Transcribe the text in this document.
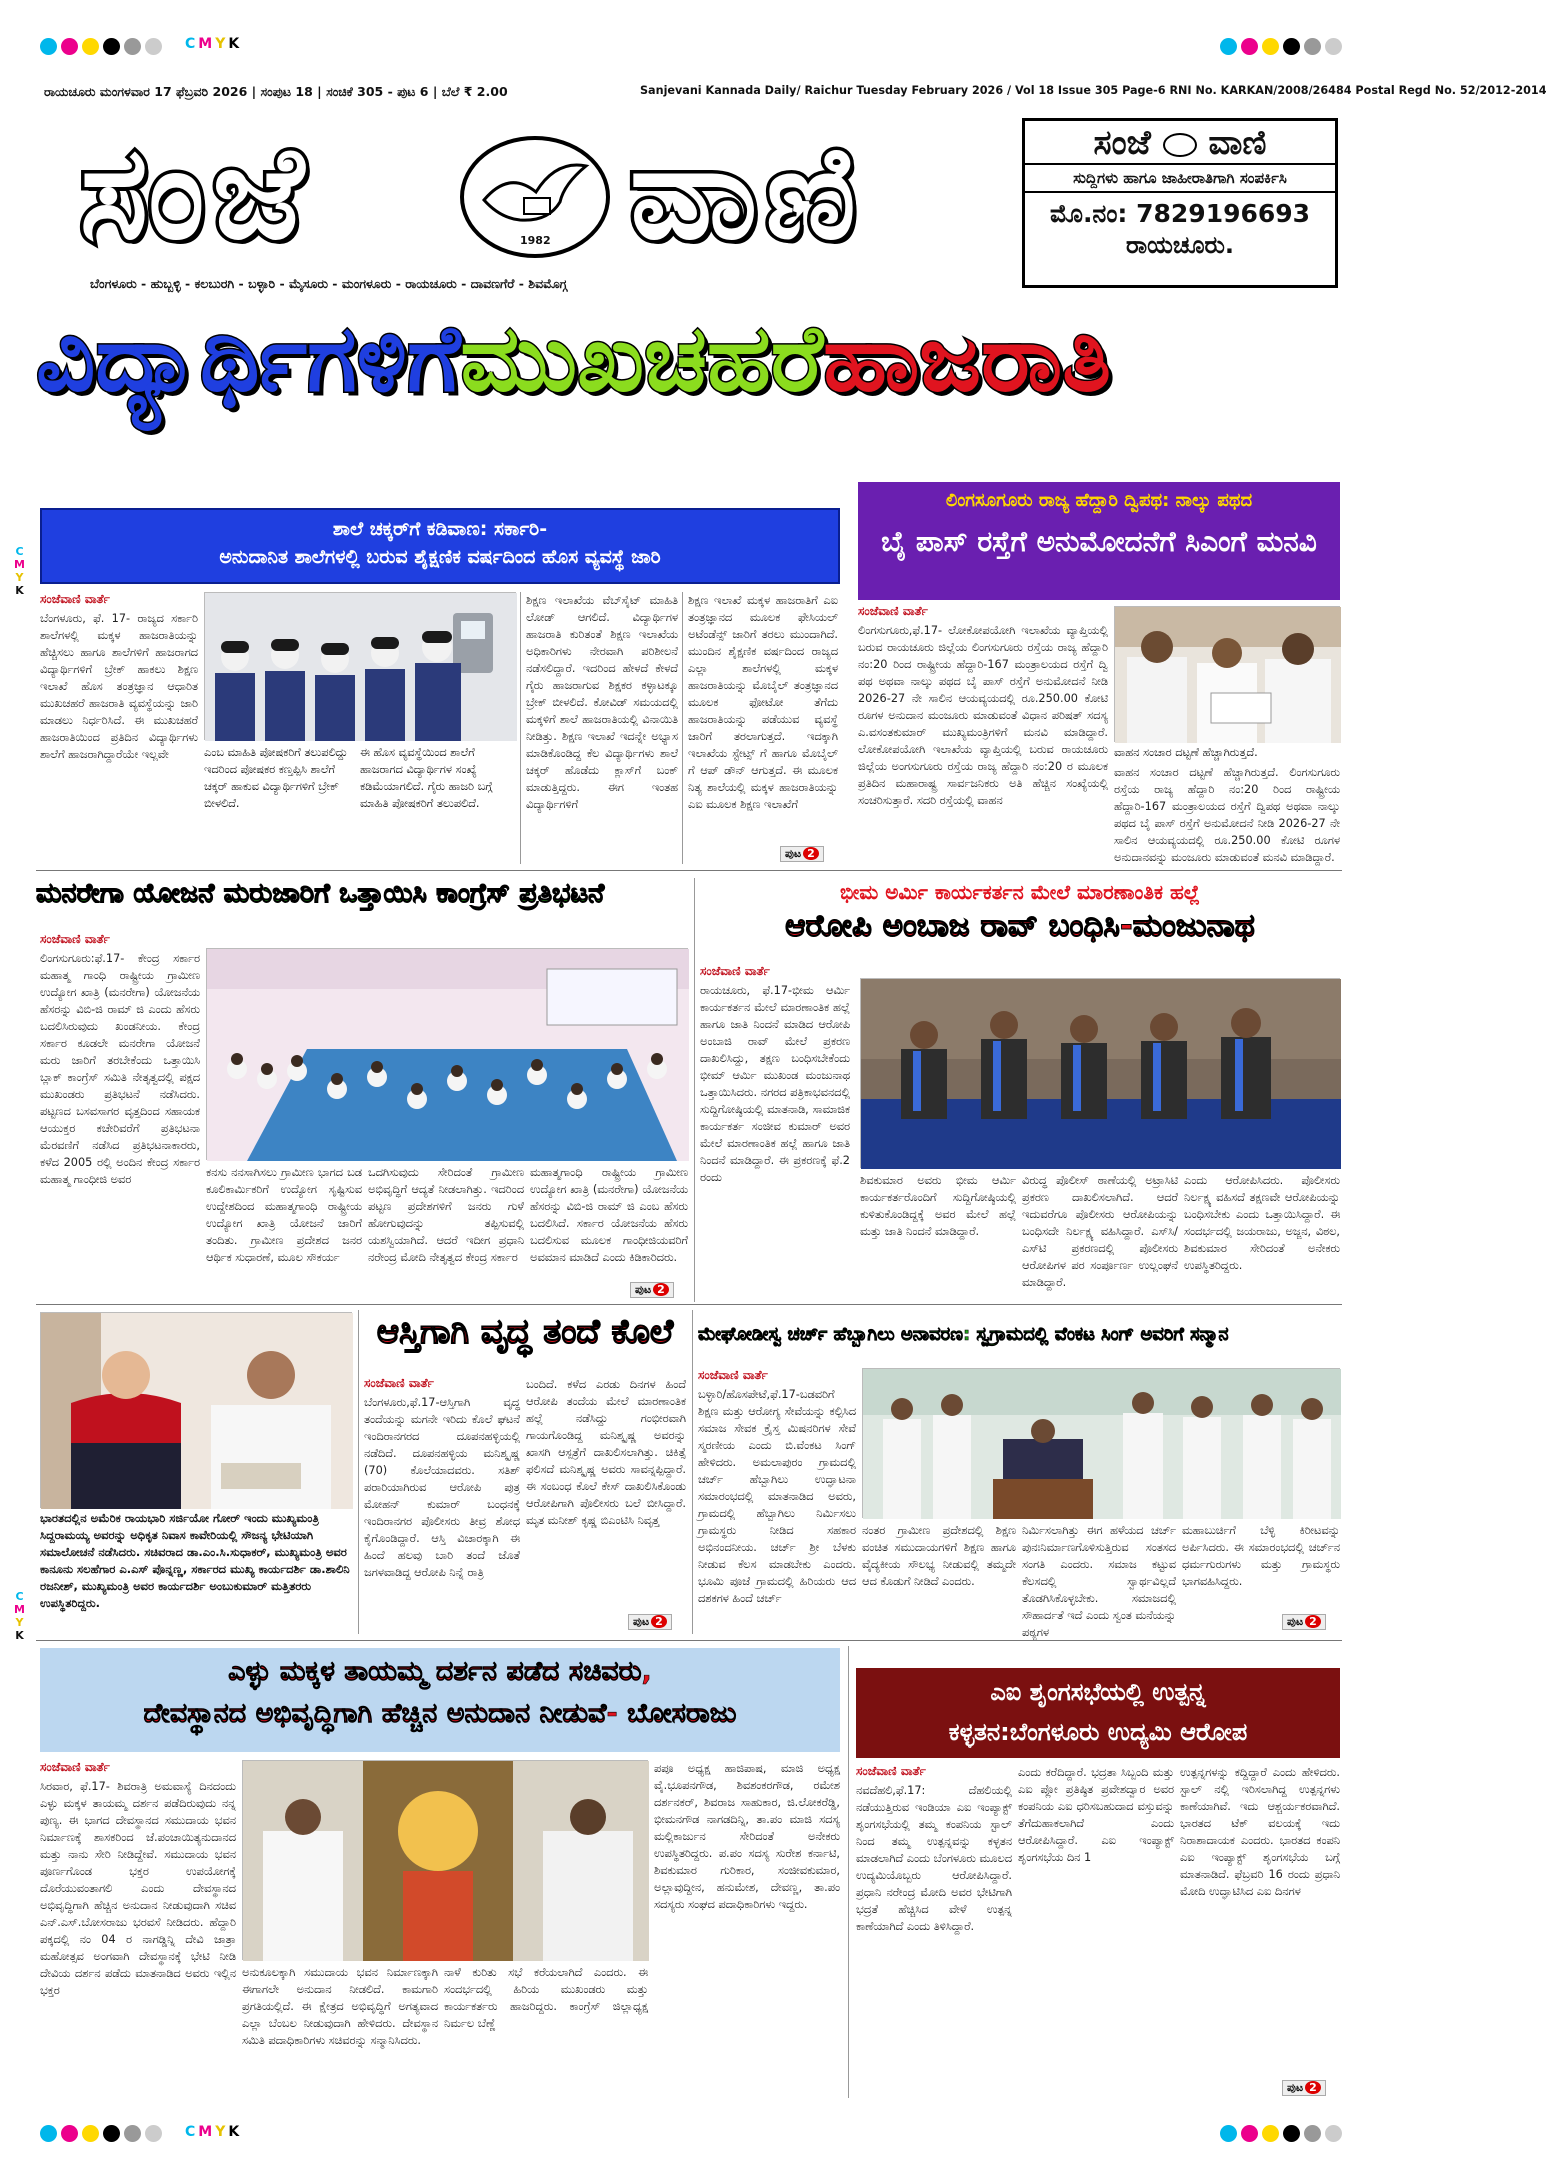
CMYK
ರಾಯಚೂರು ಮಂಗಳವಾರ 17 ಫೆಬ್ರವರಿ 2026 | ಸಂಪುಟ 18 | ಸಂಚಿಕೆ 305 - ಪುಟ 6 | ಬೆಲೆ ₹ 2.00	Sanjevani Kannada Daily/ Raichur Tuesday February 2026 / Vol 18 Issue 305 Page-6 RNI No. KARKAN/2008/26484 Postal Regd No. 52/2012-2014
ಸಂಜೆ	1982 ವಾಣಿ
ಬೆಂಗಳೂರು - ಹುಬ್ಬಳ್ಳಿ - ಕಲಬುರಗಿ - ಬಳ್ಳಾರಿ - ಮೈಸೂರು - ಮಂಗಳೂರು - ರಾಯಚೂರು - ದಾವಣಗೆರೆ - ಶಿವಮೊಗ್ಗ
ಸಂಜೆ ವಾಣಿ
ಸುದ್ದಿಗಳು ಹಾಗೂ ಜಾಹೀರಾತಿಗಾಗಿ ಸಂಪರ್ಕಿಸಿ
ಮೊ.ನಂ: 7829196693
ರಾಯಚೂರು.
ವಿದ್ಯಾರ್ಥಿಗಳಿಗೆಮುಖಚಹರೆಹಾಜರಾತಿ
C
M
Y
K
C
M
Y
K
ಶಾಲೆ ಚಕ್ಕರ್‌ಗೆ ಕಡಿವಾಣ: ಸರ್ಕಾರಿ-
ಅನುದಾನಿತ ಶಾಲೆಗಳಲ್ಲಿ ಬರುವ ಶೈಕ್ಷಣಿಕ ವರ್ಷದಿಂದ ಹೊಸ ವ್ಯವಸ್ಥೆ ಜಾರಿ
ಸಂಜೆವಾಣಿ ವಾರ್ತೆ
ಬೆಂಗಳೂರು, ಫೆ. 17- ರಾಜ್ಯದ ಸರ್ಕಾರಿ ಶಾಲೆಗಳಲ್ಲಿ ಮಕ್ಕಳ ಹಾಜರಾತಿಯನ್ನು ಹೆಚ್ಚಿಸಲು ಹಾಗೂ ಶಾಲೆಗಳಿಗೆ ಹಾಜರಾಗದ ವಿದ್ಯಾರ್ಥಿಗಳಿಗೆ ಬ್ರೇಕ್ ಹಾಕಲು ಶಿಕ್ಷಣ ಇಲಾಖೆ ಹೊಸ ತಂತ್ರಜ್ಞಾನ ಆಧಾರಿತ ಮುಖಚಹರೆ ಹಾಜರಾತಿ ವ್ಯವಸ್ಥೆಯನ್ನು ಜಾರಿ ಮಾಡಲು ನಿರ್ಧರಿಸಿದೆ. ಈ ಮುಖಚಹರೆ ಹಾಜರಾತಿಯಿಂದ ಪ್ರತಿದಿನ ವಿದ್ಯಾರ್ಥಿಗಳು ಶಾಲೆಗೆ ಹಾಜರಾಗಿದ್ದಾರೆಯೇ ಇಲ್ಲವೇ	ಎಂಬ ಮಾಹಿತಿ ಪೋಷಕರಿಗೆ ತಲುಪಲಿದ್ದು ಇದರಿಂದ ಪೋಷಕರ ಕಣ್ತಪ್ಪಿಸಿ ಶಾಲೆಗೆ ಚಕ್ಕರ್ ಹಾಕುವ ವಿದ್ಯಾರ್ಥಿಗಳಿಗೆ ಬ್ರೇಕ್ ಬೀಳಲಿದೆ.
ಈ ಹೊಸ ವ್ಯವಸ್ಥೆಯಿಂದ ಶಾಲೆಗೆ ಹಾಜರಾಗದ ವಿದ್ಯಾರ್ಥಿಗಳ ಸಂಖ್ಯೆ ಕಡಿಮೆಯಾಗಲಿದೆ. ಗೈರು ಹಾಜರಿ ಬಗ್ಗೆ ಮಾಹಿತಿ ಪೋಷಕರಿಗೆ ತಲುಪಲಿದೆ.
ಶಿಕ್ಷಣ ಇಲಾಖೆಯ ವೆಬ್‌ಸೈಟ್ ಮಾಹಿತಿ ಲೋಡ್ ಆಗಲಿದೆ. ವಿದ್ಯಾರ್ಥಿಗಳ ಹಾಜರಾತಿ ಕುರಿತಂತೆ ಶಿಕ್ಷಣ ಇಲಾಖೆಯ ಅಧಿಕಾರಿಗಳು ನೇರವಾಗಿ ಪರಿಶೀಲನೆ ನಡೆಸಲಿದ್ದಾರೆ. ಇದರಿಂದ ಹೇಳದೆ ಕೇಳದೆ ಗೈರು ಹಾಜರಾಗುವ ಶಿಕ್ಷಕರ ಕಳ್ಳಾಟಕ್ಕೂ ಬ್ರೇಕ್ ಬೀಳಲಿದೆ. ಕೋವಿಡ್ ಸಮಯದಲ್ಲಿ ಮಕ್ಕಳಿಗೆ ಶಾಲೆ ಹಾಜರಾತಿಯಲ್ಲಿ ವಿನಾಯಿತಿ ನೀಡಿತ್ತು. ಶಿಕ್ಷಣ ಇಲಾಖೆ ಇದನ್ನೇ ಅಭ್ಯಾಸ ಮಾಡಿಕೊಂಡಿದ್ದ ಕೆಲ ವಿದ್ಯಾರ್ಥಿಗಳು ಶಾಲೆ ಚಕ್ಕರ್ ಹೊಡೆದು ಕ್ಲಾಸ್‌ಗೆ ಬಂಕ್ ಮಾಡುತ್ತಿದ್ದರು. ಈಗ ಇಂತಹ ವಿದ್ಯಾರ್ಥಿಗಳಿಗೆ
ಶಿಕ್ಷಣ ಇಲಾಖೆ ಮಕ್ಕಳ ಹಾಜರಾತಿಗೆ ಎಐ ತಂತ್ರಜ್ಞಾನದ ಮೂಲಕ ಫೇಸಿಯಲ್ ಅಟೆಂಡೆನ್ಸ್ ಜಾರಿಗೆ ತರಲು ಮುಂದಾಗಿದೆ. ಮುಂದಿನ ಶೈಕ್ಷಣಿಕ ವರ್ಷದಿಂದ ರಾಜ್ಯದ ಎಲ್ಲಾ ಶಾಲೆಗಳಲ್ಲಿ ಮಕ್ಕಳ ಹಾಜರಾತಿಯನ್ನು ಮೊಬೈಲ್ ತಂತ್ರಜ್ಞಾನದ ಮೂಲಕ ಫೋಟೋ ತೆಗೆದು ಹಾಜರಾತಿಯನ್ನು ಪಡೆಯುವ ವ್ಯವಸ್ಥೆ ಜಾರಿಗೆ ತರಲಾಗುತ್ತದೆ. ಇದಕ್ಕಾಗಿ ಇಲಾಖೆಯ ಸ್ಟೇಟ್ಸ್ ಗೆ ಹಾಗೂ ಮೊಬೈಲ್ ಗೆ ಆಪ್ ಡೌನ್ ಆಗುತ್ತದೆ. ಈ ಮೂಲಕ ನಿತ್ಯ ಶಾಲೆಯಲ್ಲಿ ಮಕ್ಕಳ ಹಾಜರಾತಿಯನ್ನು ಎಐ ಮೂಲಕ ಶಿಕ್ಷಣ ಇಲಾಖೆಗೆ
ಪುಟ 2
ಲಿಂಗಸೂಗೂರು ರಾಜ್ಯ ಹೆದ್ದಾರಿ ದ್ವಿಪಥ: ನಾಲ್ಕು ಪಥದ
ಬೈ ಪಾಸ್ ರಸ್ತೆಗೆ ಅನುಮೋದನೆಗೆ ಸಿಎಂಗೆ ಮನವಿ
ಸಂಜೆವಾಣಿ ವಾರ್ತೆ
ಲಿಂಗಸುಗೂರು,ಫೆ.17- ಲೋಕೋಪಯೋಗಿ ಇಲಾಖೆಯ ವ್ಯಾಪ್ತಿಯಲ್ಲಿ ಬರುವ ರಾಯಚೂರು ಜಿಲ್ಲೆಯ ಲಿಂಗಸುಗೂರು ರಸ್ತೆಯ ರಾಜ್ಯ ಹೆದ್ದಾರಿ ನಂ:20 ರಿಂದ ರಾಷ್ಟ್ರೀಯ ಹೆದ್ದಾರಿ-167 ಮಂತ್ರಾಲಯದ ರಸ್ತೆಗೆ ದ್ವಿ ಪಥ ಅಥವಾ ನಾಲ್ಕು ಪಥದ ಬೈ ಪಾಸ್ ರಸ್ತೆಗೆ ಅನುಮೋದನೆ ನೀಡಿ 2026-27 ನೇ ಸಾಲಿನ ಆಯವ್ಯಯದಲ್ಲಿ ರೂ.250.00 ಕೋಟಿ ರೂಗಳ ಅನುದಾನ ಮಂಜೂರು ಮಾಡುವಂತೆ ವಿಧಾನ ಪರಿಷತ್ ಸದಸ್ಯ ಎ.ವಸಂತಕುಮಾರ್ ಮುಖ್ಯಮಂತ್ರಿಗಳಿಗೆ ಮನವಿ ಮಾಡಿದ್ದಾರೆ. ಲೋಕೋಪಯೋಗಿ ಇಲಾಖೆಯ ವ್ಯಾಪ್ತಿಯಲ್ಲಿ ಬರುವ ರಾಯಚೂರು ಜಿಲ್ಲೆಯ ಅಂಗಸುಗೂರು ರಸ್ತೆಯ ರಾಜ್ಯ ಹೆದ್ದಾರಿ ನಂ:20 ರ ಮೂಲಕ ಪ್ರತಿದಿನ ಮಹಾರಾಷ್ಟ್ರ ಸಾರ್ವಜನಿಕರು ಅತಿ ಹೆಚ್ಚಿನ ಸಂಖ್ಯೆಯಲ್ಲಿ ಸಂಚರಿಸುತ್ತಾರೆ. ಸದರಿ ರಸ್ತೆಯಲ್ಲಿ ವಾಹನ
ವಾಹನ ಸಂಚಾರ ದಟ್ಟಣೆ ಹೆಚ್ಚಾಗಿರುತ್ತದೆ.
ವಾಹನ ಸಂಚಾರ ದಟ್ಟಣೆ ಹೆಚ್ಚಾಗಿರುತ್ತದೆ. ಲಿಂಗಸುಗೂರು ರಸ್ತೆಯ ರಾಜ್ಯ ಹೆದ್ದಾರಿ ನಂ:20 ರಿಂದ ರಾಷ್ಟ್ರೀಯ ಹೆದ್ದಾರಿ-167 ಮಂತ್ರಾಲಯದ ರಸ್ತೆಗೆ ದ್ವಿಪಥ ಅಥವಾ ನಾಲ್ಕು ಪಥದ ಬೈ ಪಾಸ್ ರಸ್ತೆಗೆ ಅನುಮೋದನೆ ನೀಡಿ 2026-27 ನೇ ಸಾಲಿನ ಆಯವ್ಯಯದಲ್ಲಿ ರೂ.250.00 ಕೋಟಿ ರೂಗಳ ಅನುದಾನವನ್ನು ಮಂಜೂರು ಮಾಡುವಂತೆ ಮನವಿ ಮಾಡಿದ್ದಾರೆ.
ಮನರೇಗಾ ಯೋಜನೆ ಮರುಜಾರಿಗೆ ಒತ್ತಾಯಿಸಿ ಕಾಂಗ್ರೆಸ್ ಪ್ರತಿಭಟನೆ
ಸಂಜೆವಾಣಿ ವಾರ್ತೆ
ಲಿಂಗಸುಗೂರು:ಫೆ.17- ಕೇಂದ್ರ ಸರ್ಕಾರ ಮಹಾತ್ಮ ಗಾಂಧಿ ರಾಷ್ಟ್ರೀಯ ಗ್ರಾಮೀಣ ಉದ್ಯೋಗ ಖಾತ್ರಿ (ಮನರೇಗಾ) ಯೋಜನೆಯ ಹೆಸರನ್ನು ವಿಬಿ-ಜಿ ರಾಮ್ ಜಿ ಎಂದು ಹೆಸರು ಬದಲಿಸಿರುವುದು ಖಂಡನೀಯ. ಕೇಂದ್ರ ಸರ್ಕಾರ ಕೂಡಲೇ ಮನರೇಗಾ ಯೋಜನೆ ಮರು ಜಾರಿಗೆ ತರಬೇಕೆಂದು ಒತ್ತಾಯಿಸಿ ಬ್ಲಾಕ್ ಕಾಂಗ್ರೆಸ್ ಸಮಿತಿ ನೇತೃತ್ವದಲ್ಲಿ ಪಕ್ಷದ ಮುಖಂಡರು ಪ್ರತಿಭಟನೆ ನಡೆಸಿದರು. ಪಟ್ಟಣದ ಬಸವಸಾಗರ ವೃತ್ತದಿಂದ ಸಹಾಯಕ ಆಯುಕ್ತರ ಕಚೇರಿವರೆಗೆ ಪ್ರತಿಭಟನಾ ಮೆರವಣಿಗೆ ನಡೆಸಿದ ಪ್ರತಿಭಟನಾಕಾರರು, ಕಳೆದ 2005 ರಲ್ಲಿ ಅಂದಿನ ಕೇಂದ್ರ ಸರ್ಕಾರ ಮಹಾತ್ಮ ಗಾಂಧೀಜಿ ಅವರ
ಕನಸು ನನಸಾಗಿಸಲು ಗ್ರಾಮೀಣ ಭಾಗದ ಬಡ ಕೂಲಿಕಾರ್ಮಿಕರಿಗೆ ಉದ್ಯೋಗ ಸೃಷ್ಟಿಸುವ ಉದ್ದೇಶದಿಂದ ಮಹಾತ್ಮಗಾಂಧಿ ರಾಷ್ಟ್ರೀಯ ಉದ್ಯೋಗ ಖಾತ್ರಿ ಯೋಜನೆ ಜಾರಿಗೆ ತಂದಿತು. ಗ್ರಾಮೀಣ ಪ್ರದೇಶದ ಜನರ ಆರ್ಥಿಕ ಸುಧಾರಣೆ, ಮೂಲ ಸೌಕರ್ಯ
ಒದಗಿಸುವುದು ಸೇರಿದಂತೆ ಗ್ರಾಮೀಣ ಅಭಿವೃದ್ಧಿಗೆ ಆದ್ಯತೆ ನೀಡಲಾಗಿತ್ತು. ಇದರಿಂದ ಪಟ್ಟಣ ಪ್ರದೇಶಗಳಿಗೆ ಜನರು ಗುಳೆ ಹೋಗುವುದನ್ನು ತಪ್ಪಿಸುವಲ್ಲಿ ಯಶಸ್ವಿಯಾಗಿದೆ. ಆದರೆ ಇದೀಗ ಪ್ರಧಾನಿ ನರೇಂದ್ರ ಮೋದಿ ನೇತೃತ್ವದ ಕೇಂದ್ರ ಸರ್ಕಾರ
ಮಹಾತ್ಮಗಾಂಧಿ ರಾಷ್ಟ್ರೀಯ ಗ್ರಾಮೀಣ ಉದ್ಯೋಗ ಖಾತ್ರಿ (ಮನರೇಗಾ) ಯೋಜನೆಯ ಹೆಸರನ್ನು ವಿಬಿ-ಜಿ ರಾಮ್ ಜಿ ಎಂಬ ಹೆಸರು ಬದಲಿಸಿದೆ. ಸರ್ಕಾರ ಯೋಜನೆಯ ಹೆಸರು ಬದಲಿಸುವ ಮೂಲಕ ಗಾಂಧೀಜಿಯವರಿಗೆ ಅವಮಾನ ಮಾಡಿದೆ ಎಂದು ಕಿಡಿಕಾರಿದರು.
ಪುಟ 2
ಭೀಮ ಅರ್ಮಿ ಕಾರ್ಯಕರ್ತನ ಮೇಲೆ ಮಾರಣಾಂತಿಕ ಹಲ್ಲೆ
ಆರೋಪಿ ಅಂಬಾಜ ರಾವ್ ಬಂಧಿಸಿ-ಮಂಜುನಾಥ
ಸಂಜೆವಾಣಿ ವಾರ್ತೆ
ರಾಯಚೂರು, ಫೆ.17-ಭೀಮ ಆರ್ಮಿ ಕಾರ್ಯಕರ್ತನ ಮೇಲೆ ಮಾರಣಾಂತಿಕ ಹಲ್ಲೆ ಹಾಗೂ ಜಾತಿ ನಿಂದನೆ ಮಾಡಿದ ಆರೋಪಿ ಅಂಬಾಜಿ ರಾವ್ ಮೇಲೆ ಪ್ರಕರಣ ದಾಖಲಿಸಿದ್ದು, ತಕ್ಷಣ ಬಂಧಿಸಬೇಕೆಂದು ಭೀಮ್ ಆರ್ಮಿ ಮುಖಂಡ ಮಂಜುನಾಥ ಒತ್ತಾಯಿಸಿದರು. ನಗರದ ಪತ್ರಿಕಾಭವನದಲ್ಲಿ ಸುದ್ದಿಗೋಷ್ಠಿಯಲ್ಲಿ ಮಾತನಾಡಿ, ಸಾಮಾಜಿಕ ಕಾರ್ಯಕರ್ತ ಸಂಜೀವ ಕುಮಾರ್ ಅವರ ಮೇಲೆ ಮಾರಣಾಂತಿಕ ಹಲ್ಲೆ ಹಾಗೂ ಜಾತಿ ನಿಂದನೆ ಮಾಡಿದ್ದಾರೆ. ಈ ಪ್ರಕರಣಕ್ಕೆ ಫೆ.2 ರಂದು	ಶಿವಕುಮಾರ ಅವರು ಭೀಮ ಆರ್ಮಿ ಕಾರ್ಯಕರ್ತರೊಂದಿಗೆ ಸುದ್ದಿಗೋಷ್ಠಿಯಲ್ಲಿ ಕುಳಿತುಕೊಂಡಿದ್ದಕ್ಕೆ ಅವರ ಮೇಲೆ ಹಲ್ಲೆ ಮತ್ತು ಜಾತಿ ನಿಂದನೆ ಮಾಡಿದ್ದಾರೆ.
ವಿರುದ್ಧ ಪೊಲೀಸ್ ಠಾಣೆಯಲ್ಲಿ ಅಟ್ರಾಸಿಟಿ ಪ್ರಕರಣ ದಾಖಲಿಸಲಾಗಿದೆ. ಆದರೆ ಇದುವರೆಗೂ ಪೊಲೀಸರು ಆರೋಪಿಯನ್ನು ಬಂಧಿಸದೇ ನಿರ್ಲಕ್ಷ್ಯ ವಹಿಸಿದ್ದಾರೆ. ಎಸ್‌ಸಿ/ಎಸ್‌ಟಿ ಪ್ರಕರಣದಲ್ಲಿ ಪೊಲೀಸರು ಆರೋಪಿಗಳ ಪರ ಸಂರ್ಪೂರ್ಣ ಉಲ್ಲಂಘನೆ ಮಾಡಿದ್ದಾರೆ.
ಎಂದು ಆರೋಪಿಸಿದರು. ಪೊಲೀಸರು ನಿರ್ಲಕ್ಷ್ಯ ವಹಿಸದೆ ತಕ್ಷಣವೇ ಆರೋಪಿಯನ್ನು ಬಂಧಿಸಬೇಕು ಎಂದು ಒತ್ತಾಯಿಸಿದ್ದಾರೆ. ಈ ಸಂದರ್ಭದಲ್ಲಿ ಜಯರಾಜು, ಅಜ್ಜನ, ವಿಠಲ, ಶಿವಕುಮಾರ ಸೇರಿದಂತೆ ಅನೇಕರು ಉಪಸ್ಥಿತರಿದ್ದರು.
ಭಾರತದಲ್ಲಿನ ಅಮೆರಿಕ ರಾಯಭಾರಿ ಸರ್ಜಿಯೋ ಗೋರ್ ಇಂದು ಮುಖ್ಯಮಂತ್ರಿ ಸಿದ್ದರಾಮಯ್ಯ ಅವರನ್ನು ಅಧಿಕೃತ ನಿವಾಸ ಕಾವೇರಿಯಲ್ಲಿ ಸೌಜನ್ಯ ಭೇಟಿಯಾಗಿ ಸಮಾಲೋಚನೆ ನಡೆಸಿದರು. ಸಚಿವರಾದ ಡಾ.ಎಂ.ಸಿ.ಸುಧಾಕರ್, ಮುಖ್ಯಮಂತ್ರಿ ಅವರ ಕಾನೂನು ಸಲಹೆಗಾರ ಎ.ಎಸ್ ಪೊನ್ನಣ್ಣ, ಸರ್ಕಾರದ ಮುಖ್ಯ ಕಾರ್ಯದರ್ಶಿ ಡಾ.ಶಾಲಿನಿ ರಜನೀಶ್, ಮುಖ್ಯಮಂತ್ರಿ ಅವರ ಕಾರ್ಯದರ್ಶಿ ಅಂಬುಕುಮಾರ್ ಮತ್ತಿತರರು ಉಪಸ್ಥಿತರಿದ್ದರು.
ಆಸ್ತಿಗಾಗಿ ವೃದ್ಧ ತಂದೆ ಕೊಲೆ
ಸಂಜೆವಾಣಿ ವಾರ್ತೆ
ಬೆಂಗಳೂರು,ಫೆ.17-ಆಸ್ತಿಗಾಗಿ ವೃದ್ಧ ತಂದೆಯನ್ನು ಮಗನೇ ಇರಿದು ಕೊಲೆ ಘಟನೆ ಇಂದಿರಾನಗರದ ದೂಪನಹಳ್ಳಿಯಲ್ಲಿ ನಡೆದಿದೆ. ದೂಪನಹಳ್ಳಿಯ ಮನಿಶ್ಕೃಷ್ಣ (70) ಕೊಲೆಯಾದವರು. ಸತಿಶ್ ಪರಾರಿಯಾಗಿರುವ ಆರೋಪಿ ಪುತ್ರ ಮೋಹನ್ ಕುಮಾರ್ ಬಂಧನಕ್ಕೆ ಇಂದಿರಾನಗರ ಪೊಲೀಸರು ತೀವ್ರ ಶೋಧ ಕೈಗೊಂಡಿದ್ದಾರೆ. ಆಸ್ತಿ ವಿಚಾರಕ್ಕಾಗಿ ಈ ಹಿಂದೆ ಹಲವು ಬಾರಿ ತಂದೆ ಜೊತೆ ಜಗಳವಾಡಿದ್ದ ಆರೋಪಿ ನಿನ್ನೆ ರಾತ್ರಿ
ಬಂದಿದೆ. ಕಳೆದ ಎರಡು ದಿನಗಳ ಹಿಂದೆ ಆರೋಪಿ ತಂದೆಯ ಮೇಲೆ ಮಾರಣಾಂತಿಕ ಹಲ್ಲೆ ನಡೆಸಿದ್ದು ಗಂಭೀರವಾಗಿ ಗಾಯಗೊಂಡಿದ್ದ ಮನಿಶ್ಕೃಷ್ಣ ಅವರನ್ನು ಖಾಸಗಿ ಆಸ್ಪತ್ರೆಗೆ ದಾಖಲಿಸಲಾಗಿತ್ತು. ಚಿಕಿತ್ಸೆ ಫಲಿಸದೆ ಮನಿಶ್ಕೃಷ್ಣ ಅವರು ಸಾವನ್ನಪ್ಪಿದ್ದಾರೆ. ಈ ಸಂಬಂಧ ಕೊಲೆ ಕೇಸ್ ದಾಖಲಿಸಿಕೊಂಡು ಆರೋಪಿಗಾಗಿ ಪೊಲೀಸರು ಬಲೆ ಬೀಸಿದ್ದಾರೆ. ಮೃತ ಮನೀಶ್ ಕೃಷ್ಣ ಬಿಎಂಟಿಸಿ ನಿವೃತ್ತ
ಪುಟ 2
ಮೇಘೋಡೀಸ್ವ ಚರ್ಚ್ ಹೆಬ್ಬಾಗಿಲು ಅನಾವರಣ: ಸ್ವಗ್ರಾಮದಲ್ಲಿ ವೆಂಕಟ ಸಿಂಗ್ ಅವರಿಗೆ ಸನ್ಮಾನ
ಸಂಜೆವಾಣಿ ವಾರ್ತೆ
ಬಳ್ಳಾರಿ/ಹೊಸಪೇಟೆ,ಫೆ.17-ಬಡವರಿಗೆ ಶಿಕ್ಷಣ ಮತ್ತು ಆರೋಗ್ಯ ಸೇವೆಯನ್ನು ಕಲ್ಪಿಸಿದ ಸಮಾಜ ಸೇವಕ ಕ್ರೈಸ್ತ ಮಿಷನರಿಗಳ ಸೇವೆ ಸ್ಮರಣೀಯ ಎಂದು ಬಿ.ವೆಂಕಟ ಸಿಂಗ್ ಹೇಳಿದರು. ಅಮಲಾಪುರಂ ಗ್ರಾಮದಲ್ಲಿ ಚರ್ಚ್ ಹೆಬ್ಬಾಗಿಲು ಉದ್ಘಾಟನಾ ಸಮಾರಂಭದಲ್ಲಿ ಮಾತನಾಡಿದ ಅವರು, ಗ್ರಾಮದಲ್ಲಿ ಹೆಬ್ಬಾಗಿಲು ನಿರ್ಮಿಸಲು ಗ್ರಾಮಸ್ಥರು ನೀಡಿದ ಸಹಕಾರ ಅಭಿನಂದನೀಯ. ಚರ್ಚ್ ಶ್ರೀ ಬೆಳಕು ನೀಡುವ ಕೆಲಸ ಮಾಡಬೇಕು ಎಂದರು. ಭೂಮಿ ಪೂಜೆ ಗ್ರಾಮದಲ್ಲಿ ಹಿರಿಯರು ಆದ ದಶಕಗಳ ಹಿಂದೆ ಚರ್ಚ್
ನಂತರ ಗ್ರಾಮೀಣ ಪ್ರದೇಶದಲ್ಲಿ ಶಿಕ್ಷಣ ವಂಚಿತ ಸಮುದಾಯಗಳಿಗೆ ಶಿಕ್ಷಣ ಹಾಗೂ ವೈದ್ಯಕೀಯ ಸೌಲಭ್ಯ ನೀಡುವಲ್ಲಿ ತಮ್ಮದೇ ಆದ ಕೊಡುಗೆ ನೀಡಿದೆ ಎಂದರು.
ನಿರ್ಮಿಸಲಾಗಿತ್ತು ಈಗ ಹಳೆಯದ ಚರ್ಚ್ ಪುನಃನಿರ್ಮಾಣಗೊಳಿಸುತ್ತಿರುವ ಸಂತಸದ ಸಂಗತಿ ಎಂದರು. ಸಮಾಜ ಕಟ್ಟುವ ಕೆಲಸದಲ್ಲಿ ಸ್ವಾರ್ಥವಿಲ್ಲದೆ ತೊಡಗಿಸಿಕೊಳ್ಳಬೇಕು. ಸಮಾಜದಲ್ಲಿ ಸೌಹಾರ್ದತೆ ಇದೆ ಎಂದು ಸ್ವಂತ ಮನೆಯನ್ನು ಪಠ್ಯಗಳ
ಮಹಾಬುರ್ಚಿಗೆ ಬೆಳ್ಳಿ ಕಿರೀಟವನ್ನು ಅರ್ಪಿಸಿದರು. ಈ ಸಮಾರಂಭದಲ್ಲಿ ಚರ್ಚ್‌ನ ಧರ್ಮಗುರುಗಳು ಮತ್ತು ಗ್ರಾಮಸ್ಥರು ಭಾಗವಹಿಸಿದ್ದರು.
ಪುಟ 2
ಎಳ್ಳು ಮಕ್ಕಳ ತಾಯಮ್ಮ ದರ್ಶನ ಪಡೆದ ಸಚಿವರು,
ದೇವಸ್ಥಾನದ ಅಭಿವೃದ್ಧಿಗಾಗಿ ಹೆಚ್ಚಿನ ಅನುದಾನ ನೀಡುವೆ- ಬೋಸರಾಜು
ಸಂಜೆವಾಣಿ ವಾರ್ತೆ
ಸಿರವಾರ, ಫೆ.17- ಶಿವರಾತ್ರಿ ಅಮವಾಸ್ಯೆ ದಿನದಂದು ಎಳ್ಳು ಮಕ್ಕಳ ತಾಯಮ್ಮ ದರ್ಶನ ಪಡೆದಿರುವುದು ನನ್ನ ಪುಣ್ಯ. ಈ ಭಾಗದ ದೇವಸ್ಥಾನದ ಸಮುದಾಯ ಭವನ ನಿರ್ಮಾಣಕ್ಕೆ ಶಾಸಕರಿಂದ ಜೆ.ಪಂಚಾಯಿತ್ಯನುದಾನದ ಮತ್ತು ನಾನು ಸೇರಿ ನೀಡಿದ್ದೇವೆ. ಸಮುದಾಯ ಭವನ ಪೂರ್ಣಗೊಂಡ ಭಕ್ತರ ಉಪಯೋಗಕ್ಕೆ ದೊರೆಯುವಂತಾಗಲಿ ಎಂದು ದೇವಸ್ಥಾನದ ಅಭಿವೃದ್ಧಿಗಾಗಿ ಹೆಚ್ಚಿನ ಅನುದಾನ ನೀಡುವುದಾಗಿ ಸಚಿವ ಎನ್.ಎಸ್.ಬೋಸರಾಜು ಭರವಸೆ ನೀಡಿದರು. ಹೆದ್ದಾರಿ ಪಕ್ಕದಲ್ಲಿ ನಂ 04 ರ ನಾಗಡ್ಡಿನ್ನಿ ದೇವಿ ಜಾತ್ರಾ ಮಹೋತ್ಸವ ಅಂಗವಾಗಿ ದೇವಸ್ಥಾನಕ್ಕೆ ಭೇಟಿ ನೀಡಿ ದೇವಿಯ ದರ್ಶನ ಪಡೆದು ಮಾತನಾಡಿದ ಅವರು ಇಲ್ಲಿನ ಭಕ್ತರ
ಅನುಕೂಲಕ್ಕಾಗಿ ಸಮುದಾಯ ಭವನ ನಿರ್ಮಾಣಕ್ಕಾಗಿ ಈಗಾಗಲೇ ಅನುದಾನ ನೀಡಲಿದೆ. ಕಾಮಗಾರಿ ಪ್ರಗತಿಯಲ್ಲಿದೆ. ಈ ಕ್ಷೇತ್ರದ ಅಭಿವೃದ್ಧಿಗೆ ಅಗತ್ಯವಾದ ಎಲ್ಲಾ ಬೆಂಬಲ ನೀಡುವುದಾಗಿ ಹೇಳಿದರು. ದೇವಸ್ಥಾನ ಸಮಿತಿ ಪದಾಧಿಕಾರಿಗಳು ಸಚಿವರನ್ನು ಸನ್ಮಾನಿಸಿದರು.
ನಾಳೆ ಕುರಿತು ಸಭೆ ಕರೆಯಲಾಗಿದೆ ಎಂದರು. ಈ ಸಂದರ್ಭದಲ್ಲಿ ಹಿರಿಯ ಮುಖಂಡರು ಮತ್ತು ಕಾರ್ಯಕರ್ತರು ಹಾಜರಿದ್ದರು. ಕಾಂಗ್ರೆಸ್ ಜಿಲ್ಲಾಧ್ಯಕ್ಷ ನಿರ್ಮಲ ಬೆಣ್ಣೆ
ಪಪೂ ಅಧ್ಯಕ್ಷ ಹಾಜಿಪಾಷ, ಮಾಜಿ ಅಧ್ಯಕ್ಷ ವೈ.ಭೂಪನಗೌಡ, ಶಿವಶಂಕರಗೌಡ, ರಮೇಶ ದರ್ಶನಕರ್, ಶಿವರಾಜ ಸಾಹುಕಾರ, ಜಿ.ಲೋಕರೆಡ್ಡಿ, ಭೀಮನಗೌಡ ನಾಗಡದಿನ್ನಿ, ತಾ.ಪಂ ಮಾಜಿ ಸದಸ್ಯ ಮಲ್ಲಿಕಾರ್ಜುನ ಸೇರಿದಂತೆ ಅನೇಕರು ಉಪಸ್ಥಿತರಿದ್ದರು. ಪ.ಪಂ ಸದಸ್ಯ ಸುರೇಶ ಕರ್ನಾಟಿ, ಶಿವಕುಮಾರ ಗುರಿಕಾರ, ಸಂಜೀವಕುಮಾರ, ಅಲ್ಲಾವುದ್ದೀನ, ಹನುಮೇಶ, ದೇವಣ್ಣ, ತಾ.ಪಂ ಸದಸ್ಯರು ಸಂಘದ ಪದಾಧಿಕಾರಿಗಳು ಇದ್ದರು.
ಎಐ ಶೃಂಗಸಭೆಯಲ್ಲಿ ಉತ್ಪನ್ನ
ಕಳ್ಳತನ:ಬೆಂಗಳೂರು ಉದ್ಯಮಿ ಆರೋಪ
ಸಂಜೆವಾಣಿ ವಾರ್ತೆ
ನವದೆಹಲಿ,ಫೆ.17: ದೆಹಲಿಯಲ್ಲಿ ನಡೆಯುತ್ತಿರುವ ಇಂಡಿಯಾ ಎಐ ಇಂಪ್ಯಾಕ್ಟ್ ಶೃಂಗಸಭೆಯಲ್ಲಿ ತಮ್ಮ ಕಂಪನಿಯ ಸ್ಟಾಲ್ ನಿಂದ ತಮ್ಮ ಉತ್ಪನ್ನವನ್ನು ಕಳ್ಳತನ ಮಾಡಲಾಗಿದೆ ಎಂದು ಬೆಂಗಳೂರು ಮೂಲದ ಉದ್ಯಮಿಯೊಬ್ಬರು ಆರೋಪಿಸಿದ್ದಾರೆ. ಪ್ರಧಾನಿ ನರೇಂದ್ರ ಮೋದಿ ಅವರ ಭೇಟಿಗಾಗಿ ಭದ್ರತೆ ಹೆಚ್ಚಿಸಿದ ವೇಳೆ ಉತ್ಪನ್ನ ಕಾಣೆಯಾಗಿದೆ ಎಂದು ತಿಳಿಸಿದ್ದಾರೆ.
ಎಂದು ಕರೆದಿದ್ದಾರೆ. ಭದ್ರತಾ ಸಿಬ್ಬಂದಿ ಮತ್ತು ಎಐ ಪ್ಲೋ ಪ್ರತಿಷ್ಠಿತ ಪ್ರವೇಶದ್ವಾರ ಅವರ ಕಂಪನಿಯ ಎಐ ಧರಿಸಬಹುದಾದ ವಸ್ತುವನ್ನು ತೆಗೆದುಹಾಕಲಾಗಿದೆ ಎಂದು ಆರೋಪಿಸಿದ್ದಾರೆ. ಎಐ ಇಂಪ್ಯಾಕ್ಟ್ ಶೃಂಗಸಭೆಯ ದಿನ 1
ಉತ್ಪನ್ನಗಳನ್ನು ಕದ್ದಿದ್ದಾರೆ ಎಂದು ಹೇಳಿದರು. ಸ್ಟಾಲ್ ನಲ್ಲಿ ಇರಿಸಲಾಗಿದ್ದ ಉತ್ಪನ್ನಗಳು ಕಾಣೆಯಾಗಿವೆ. ಇದು ಆಶ್ಚರ್ಯಕರವಾಗಿದೆ. ಭಾರತದ ಟೆಕ್ ವಲಯಕ್ಕೆ ಇದು ನಿರಾಶಾದಾಯಕ ಎಂದರು. ಭಾರತದ ಕಂಪನಿ ಎಐ ಇಂಪ್ಯಾಕ್ಟ್ ಶೃಂಗಸಭೆಯ ಬಗ್ಗೆ ಮಾತನಾಡಿದೆ. ಫೆಬ್ರವರಿ 16 ರಂದು ಪ್ರಧಾನಿ ಮೋದಿ ಉದ್ಘಾಟಿಸಿದ ಎಐ ದಿನಗಳ
ಪುಟ 2
CMYK
